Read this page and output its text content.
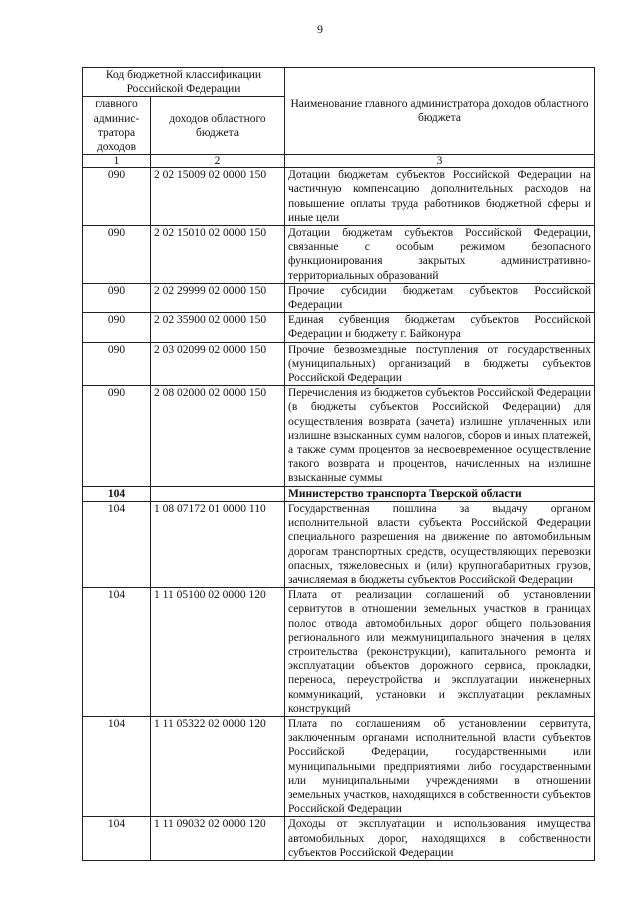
9
Код бюджетной классификации Российской Федерации		Наименование главного администратора доходов областного бюджета
главного админис-тратора доходов	доходов областного бюджета	
1	2	3
090	2 02 15009 02 0000 150	Дотации бюджетам субъектов Российской Федерации на частичную компенсацию дополнительных расходов на повышение оплаты труда работников бюджетной сферы и иные цели
090	2 02 15010 02 0000 150	Дотации бюджетам субъектов Российской Федерации, связанные с особым режимом безопасного функционирования закрытых административно-территориальных образований
090	2 02 29999 02 0000 150	Прочие субсидии бюджетам субъектов Российской Федерации
090	2 02 35900 02 0000 150	Единая субвенция бюджетам субъектов Российской Федерации и бюджету г. Байконура
090	2 03 02099 02 0000 150	Прочие безвозмездные поступления от государственных (муниципальных) организаций в бюджеты субъектов Российской Федерации
090	2 08 02000 02 0000 150	Перечисления из бюджетов субъектов Российской Федерации (в бюджеты субъектов Российской Федерации) для осуществления возврата (зачета) излишне уплаченных или излишне взысканных сумм налогов, сборов и иных платежей, а также сумм процентов за несвоевременное осуществление такого возврата и процентов, начисленных на излишне взысканные суммы
104		Министерство транспорта Тверской области
104	1 08 07172 01 0000 110	Государственная пошлина за выдачу органом исполнительной власти субъекта Российской Федерации специального разрешения на движение по автомобильным дорогам транспортных средств, осуществляющих перевозки опасных, тяжеловесных и (или) крупногабаритных грузов, зачисляемая в бюджеты субъектов Российской Федерации
104	1 11 05100 02 0000 120	Плата от реализации соглашений об установлении сервитутов в отношении земельных участков в границах полос отвода автомобильных дорог общего пользования регионального или межмуниципального значения в целях строительства (реконструкции), капитального ремонта и эксплуатации объектов дорожного сервиса, прокладки, переноса, переустройства и эксплуатации инженерных коммуникаций, установки и эксплуатации рекламных конструкций
104	1 11 05322 02 0000 120	Плата по соглашениям об установлении сервитута, заключенным органами исполнительной власти субъектов Российской Федерации, государственными или муниципальными предприятиями либо государственными или муниципальными учреждениями в отношении земельных участков, находящихся в собственности субъектов Российской Федерации
104	1 11 09032 02 0000 120	Доходы от эксплуатации и использования имущества автомобильных дорог, находящихся в собственности субъектов Российской Федерации
